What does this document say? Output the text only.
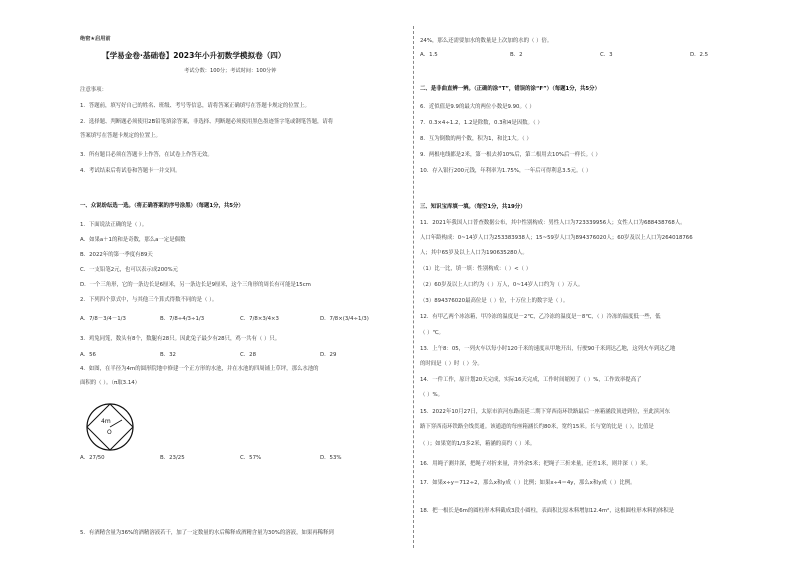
绝密★启用前
【学易金卷·基础卷】2023年小升初数学模拟卷（四）
考试分数：100分；考试时间：100分钟
注意事项：
1．答题前，填写好自己的姓名、班级、考号等信息，请将答案正确填写在答题卡规定的位置上。
2．选择题、判断题必须使用2B铅笔填涂答案，非选择、判断题必须使用黑色墨迹签字笔或钢笔答题，请将
答案填写在答题卡规定的位置上。
3．所有题目必须在答题卡上作答，在试卷上作答无效。
4．考试结束后将试卷和答题卡一并交回。
一、众说纷纭选一选。（将正确答案的序号涂黑）（每题1分，共5分）
1．下面说法正确的是（ ）。
A．如果a＋1的和是奇数，那么a一定是偶数
B．2022年的第一季度有89天
C．一支铅笔2元，也可以表示成200%元
D．一个三角形，它的一条边长是6厘米，另一条边长是9厘米，这个三角形的周长有可能是15cm
2．下列四个算式中，与其他三个算式得数不同的是（ ）。
A．7/8－3/4－1/3	B．7/8÷4/3÷1/3	C．7/8×3/4×3	D．7/8×(3/4÷1/3)
3．鸡兔同笼，数头有8个，数腿有28只。因此兔子最少有28只，鸡一共有（ ）只。
A．56	B．32	C．28	D．29
4．如图，在半径为4m的圆形院地中修建一个正方形的水池，并在水池的四周铺上草坪，那么水池的
面积的（ ）。（π取3.14）
4m
O
A．27/50	B．23/25	C．57%	D．53%
5．有酒精含量为36%的酒精溶液若干，加了一定数量的水后稀释成酒精含量为30%的溶液，如果再稀释到
24%，那么还需要加水的数量是上次加的水的（ ）倍。
A．1.5	B．2	C．3	D．2.5
二、是非曲直辨一辨。（正确的涂“T”，错误的涂“F”）（每题1分，共5分）
6．近似值是9.9的最大的两位小数是9.90。（ ）
7．0.3×4÷1.2，1.2是除数，0.3和4是因数。（ ）
8．互为倒数的两个数，积为1，和比1大。（ ）
9．两根电线都是2米，第一根去掉10%后，第二根用去10%后一样长。（ ）
10．存入银行200元钱，年利率为1.75%，一年后可得利息3.5元。（ ）
三、知识宝库填一填。（每空1分，共19分）
11．2021年我国人口普查数据公布，其中性别构成：男性人口为723339956人；女性人口为688438768人。
人口年龄构成：0~14岁人口为253383938人；15~59岁人口为894376020人；60岁及以上人口为264018766
人；其中65岁及以上人口为190635280人。
（1）比一比，填一填：性别构成：（ ）<（ ）
（2）60岁及以上人口约为（ ）万人，0~14岁人口约为（ ）万人。
（3）894376020最高位是（ ）位，十万位上的数字是（ ）。
12．有甲乙两个冰冻箱，甲冷冻的温度是－2℃，乙冷冻的温度是－8℃，（ ）冷冻的温度低一些，低
（ ）℃。
13．上午8：05，一列火车以每小时120千米的速度从甲地开出，行驶90千米到达乙地，这列火车到达乙地
的时间是（ ）时（ ）分。
14．一件工作，原计划20天完成，实际16天完成，工作时间缩短了（ ）%，工作效率提高了
（ ）%。
15．2022年10月27日，太原市滨河东路南延二期下穿西南环铁路最后一座箱涵段顶进到位，至此滨河东
路下穿西南环铁路全线贯通。该通道的每座箱涵长约80米，宽约15米。长与宽的比是（ ），比值是
（ ）；如果宽的1/3多2米，箱涵的高约（ ）米。
16．用绳子测井深，把绳子对折来量，井外余5米；把绳子三折来量，还差1米，则井深（ ）米。
17．如果x÷y＝712÷2，那么x和y成（ ）比例；如果x÷4＝4y，那么x和y成（ ）比例。
18．把一根长是6m的圆柱形木料截成3段小圆柱，表面积比原木料增加12.4m²，这根圆柱形木料的体积是
